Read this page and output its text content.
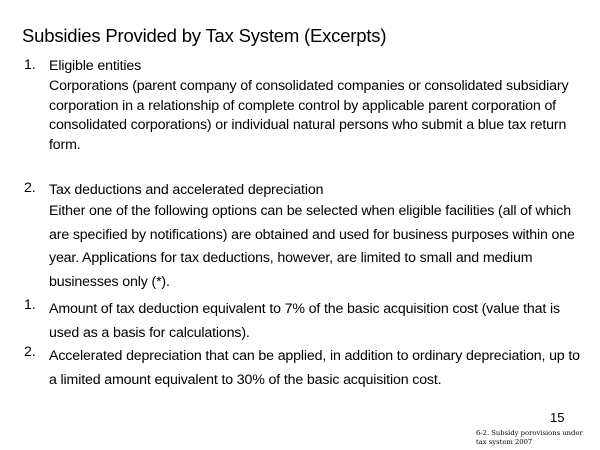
Subsidies Provided by Tax System (Excerpts)
1. Eligible entities
Corporations (parent company of consolidated companies or consolidated subsidiary
corporation in a relationship of complete control by applicable parent corporation of
consolidated corporations) or individual natural persons who submit a blue tax return
form.
2. Tax deductions and accelerated depreciation
Either one of the following options can be selected when eligible facilities (all of which
are specified by notifications) are obtained and used for business purposes within one
year. Applications for tax deductions, however, are limited to small and medium
businesses only (*).
1. Amount of tax deduction equivalent to 7% of the basic acquisition cost (value that is
used as a basis for calculations).
2. Accelerated depreciation that can be applied, in addition to ordinary depreciation, up to
a limited amount equivalent to 30% of the basic acquisition cost.
15
6-2. Subsidy porovisions under
tax system 2007
